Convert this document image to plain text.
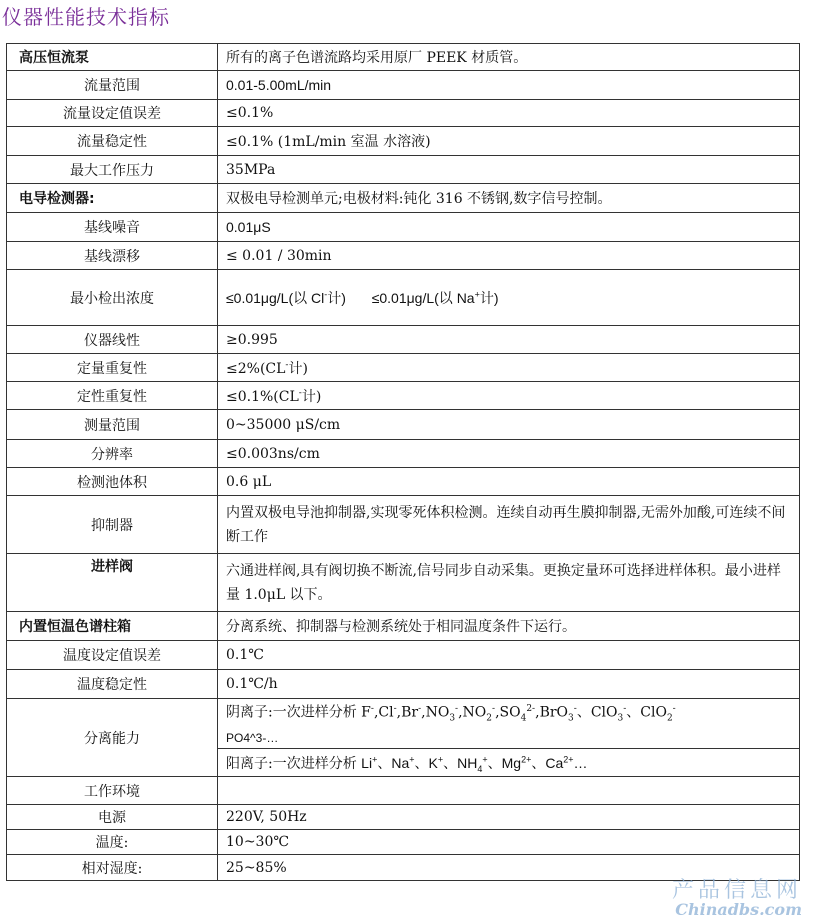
仪器性能技术指标
高压恒流泵	所有的离子色谱流路均采用原厂 PEEK 材质管。
流量范围	0.01-5.00mL/min
流量设定值误差	≤0.1%
流量稳定性	≤0.1% (1mL/min 室温 水溶液)
最大工作压力	35MPa
电导检测器:	双极电导检测单元;电极材料:钝化 316 不锈钢,数字信号控制。
基线噪音	0.01μS
基线漂移	≤ 0.01 / 30min
最小检出浓度	≤0.01μg/L(以 Cl-计) ≤0.01μg/L(以 Na+计)
仪器线性	≥0.995
定量重复性	≤2%(CL-计)
定性重复性	≤0.1%(CL-计)
测量范围	0~35000 μS/cm
分辨率	≤0.003ns/cm
检测池体积	0.6 μL
抑制器	内置双极电导池抑制器,实现零死体积检测。连续自动再生膜抑制器,无需外加酸,可连续不间断工作
进样阀	六通进样阀,具有阀切换不断流,信号同步自动采集。更换定量环可选择进样体积。最小进样量 1.0μL 以下。
内置恒温色谱柱箱	分离系统、抑制器与检测系统处于相同温度条件下运行。
温度设定值误差	0.1℃
温度稳定性	0.1℃/h
分离能力	阴离子:一次进样分析 $F^-,Cl^-,Br^-,NO_3^-,NO_2^-,SO_4^{2-},BrO_3^-$、ClO$_3$-、ClO$_2$-
PO4^3-…

	阳离子:一次进样分析 Li+、Na+、K+、$NH_4^+$、$Mg^{2+}$、$Ca^{2+}\dots$
工作环境	
电源	220V, 50Hz
温度:	10~30℃
相对湿度:	25~85%
产品信息网
Chinadbs.com
